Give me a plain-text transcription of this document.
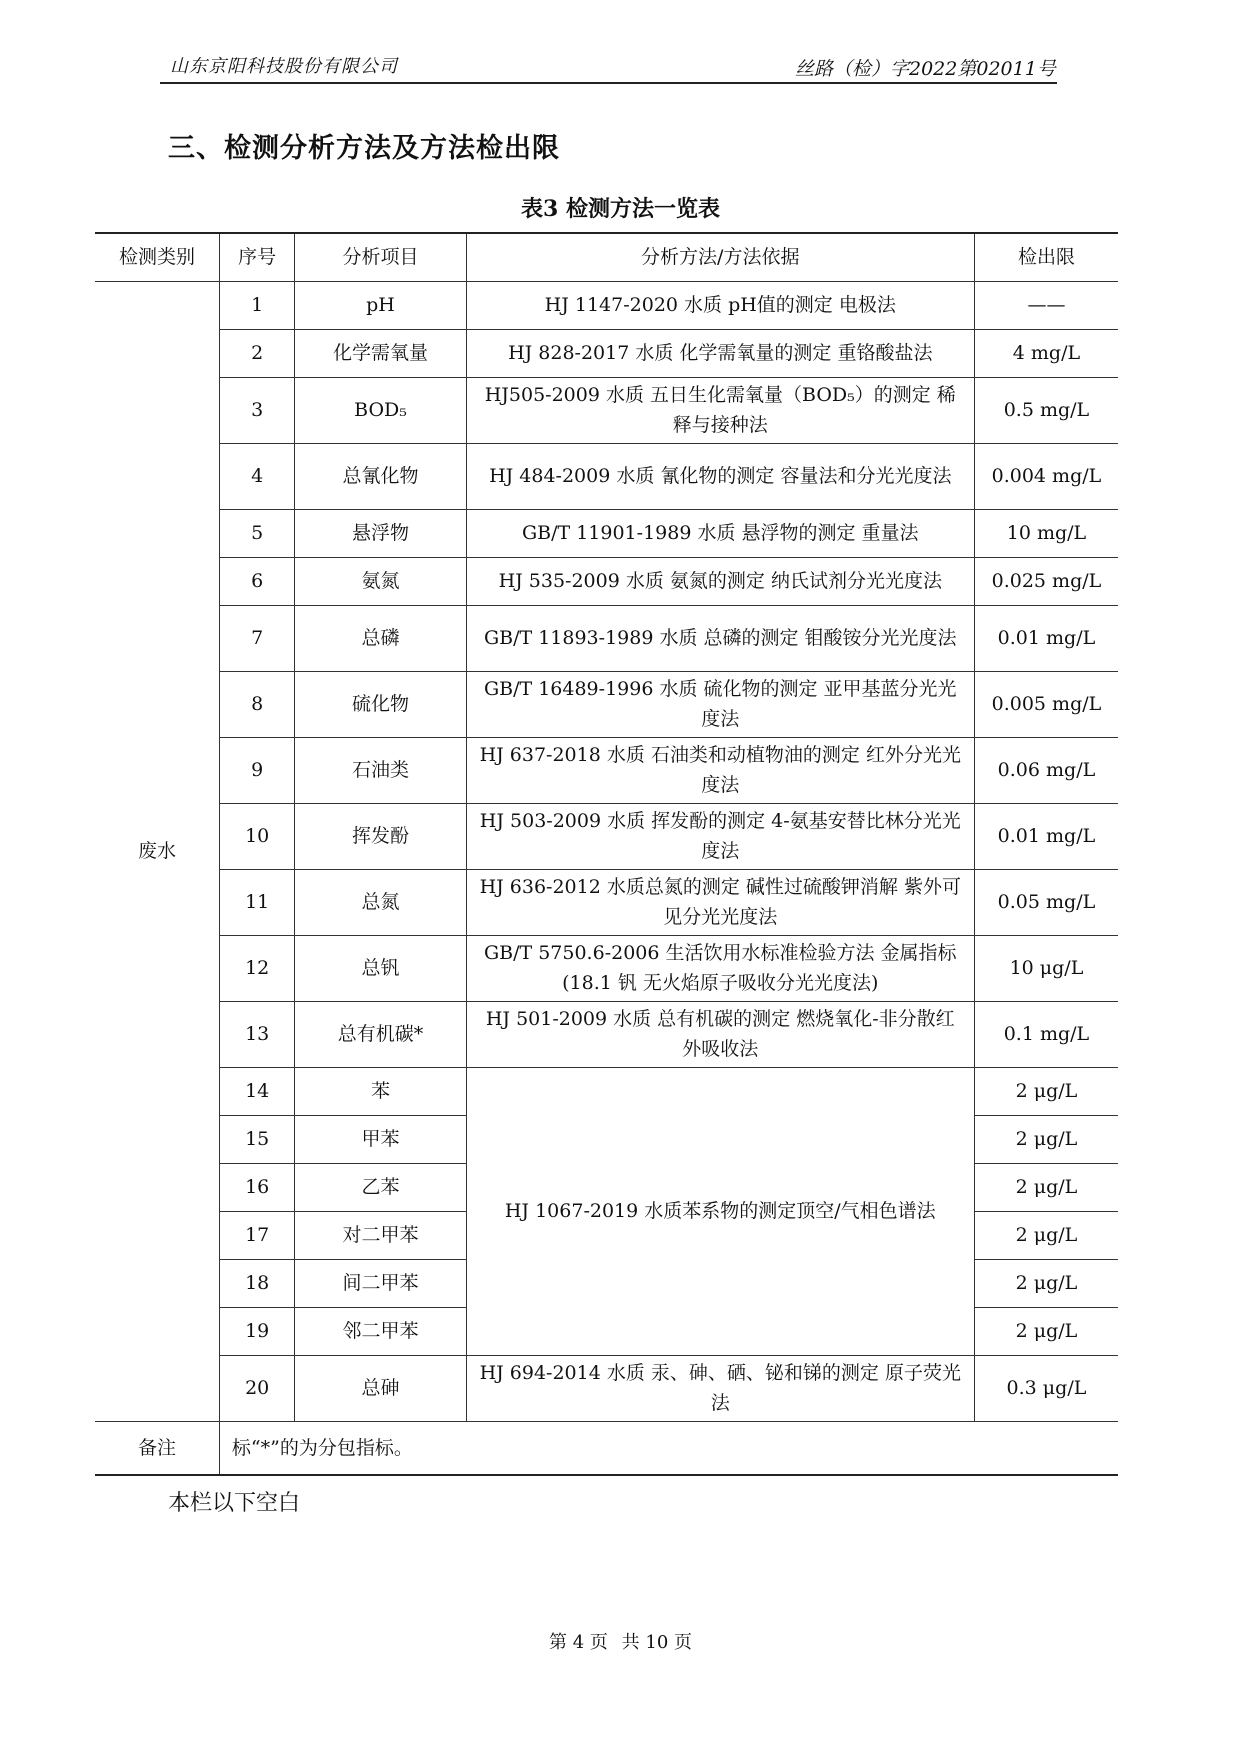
山东京阳科技股份有限公司	丝路（检）字2022第02011号
三、检测分析方法及方法检出限
表3 检测方法一览表
检测类别	序号	分析项目	分析方法/方法依据	检出限
废水	1	pH	HJ 1147-2020 水质 pH值的测定 电极法	——
	2	化学需氧量	HJ 828-2017 水质 化学需氧量的测定 重铬酸盐法	4 mg/L
	3	BOD₅	HJ505-2009 水质 五日生化需氧量（BOD₅）的测定 稀释与接种法	0.5 mg/L
	4	总氰化物	HJ 484-2009 水质 氰化物的测定 容量法和分光光度法	0.004 mg/L
	5	悬浮物	GB/T 11901-1989 水质 悬浮物的测定 重量法	10 mg/L
	6	氨氮	HJ 535-2009 水质 氨氮的测定 纳氏试剂分光光度法	0.025 mg/L
	7	总磷	GB/T 11893-1989 水质 总磷的测定 钼酸铵分光光度法	0.01 mg/L
	8	硫化物	GB/T 16489-1996 水质 硫化物的测定 亚甲基蓝分光光度法	0.005 mg/L
	9	石油类	HJ 637-2018 水质 石油类和动植物油的测定 红外分光光度法	0.06 mg/L
	10	挥发酚	HJ 503-2009 水质 挥发酚的测定 4-氨基安替比林分光光度法	0.01 mg/L
	11	总氮	HJ 636-2012 水质总氮的测定 碱性过硫酸钾消解 紫外可见分光光度法	0.05 mg/L
	12	总钒	GB/T 5750.6-2006 生活饮用水标准检验方法 金属指标(18.1 钒 无火焰原子吸收分光光度法)	10 μg/L
	13	总有机碳*	HJ 501-2009 水质 总有机碳的测定 燃烧氧化-非分散红外吸收法	0.1 mg/L
	14	苯	HJ 1067-2019 水质苯系物的测定顶空/气相色谱法	2 μg/L
	15	甲苯		2 μg/L
	16	乙苯		2 μg/L
	17	对二甲苯		2 μg/L
	18	间二甲苯		2 μg/L
	19	邻二甲苯		2 μg/L
	20	总砷	HJ 694-2014 水质 汞、砷、硒、铋和锑的测定 原子荧光法	0.3 μg/L
备注	标“*”的为分包指标。			
本栏以下空白
第 4 页 共 10 页
